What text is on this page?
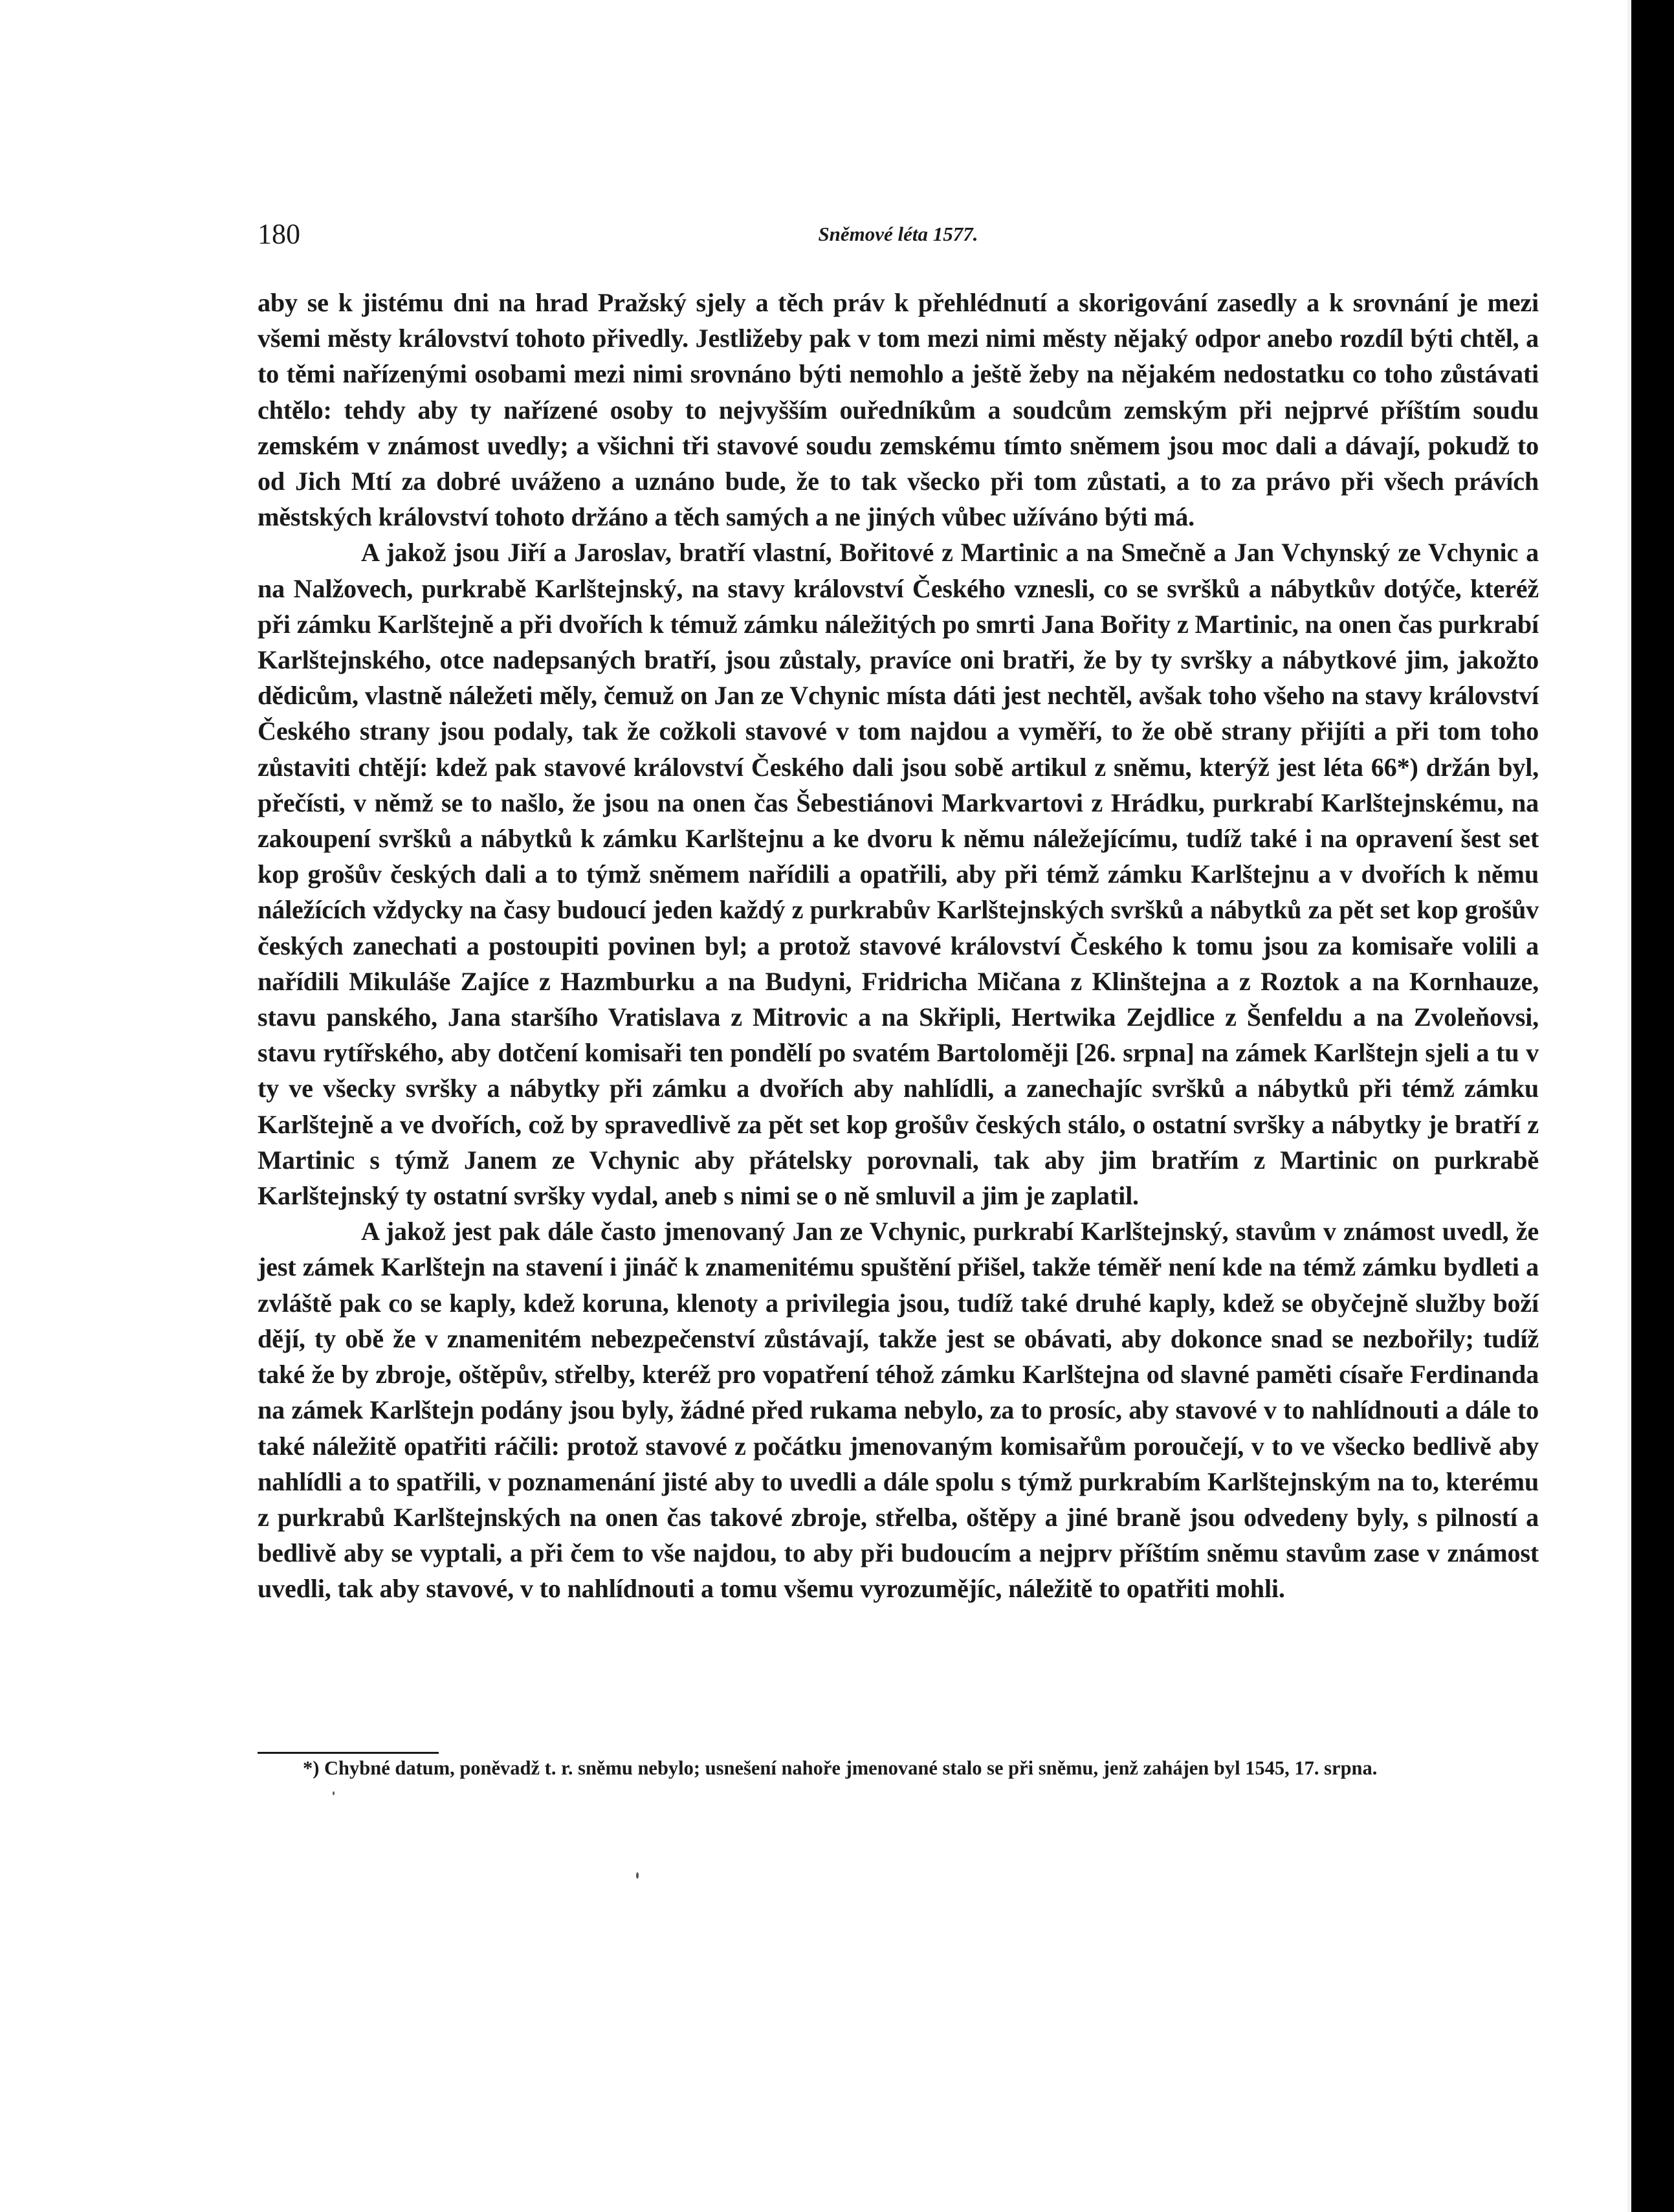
180	Sněmové léta 1577.

aby se k jistému dni na hrad Pražský sjely a těch práv k přehlédnutí a skorigování zasedly a k srovnání je mezi všemi městy království tohoto přivedly. Jestližeby pak v tom mezi nimi městy nějaký odpor anebo rozdíl býti chtěl, a to těmi nařízenými osobami mezi nimi srovnáno býti nemohlo a ještě žeby na nějakém nedostatku co toho zůstávati chtělo: tehdy aby ty nařízené osoby to nejvyšším ouředníkům a soudcům zemským při nejprvé příštím soudu zemském v známost uvedly; a všichni tři stavové soudu zemskému tímto sněmem jsou moc dali a dávají, pokudž to od Jich Mtí za dobré uváženo a uznáno bude, že to tak všecko při tom zůstati, a to za právo při všech právích městských království tohoto držáno a těch samých a ne jiných vůbec užíváno býti má.

A jakož jsou Jiří a Jaroslav, bratří vlastní, Bořitové z Martinic a na Smečně a Jan Vchynský ze Vchynic a na Nalžovech, purkrabě Karlštejnský, na stavy království Českého vznesli, co se svršků a nábytkův dotýče, kteréž při zámku Karlštejně a při dvořích k témuž zámku náležitých po smrti Jana Bořity z Martinic, na onen čas purkrabí Karlštejnského, otce nadepsaných bratří, jsou zůstaly, pravíce oni bratři, že by ty svršky a nábytkové jim, jakožto dědicům, vlastně náležeti měly, čemuž on Jan ze Vchynic místa dáti jest nechtěl, avšak toho všeho na stavy království Českého strany jsou podaly, tak že cožkoli stavové v tom najdou a vyměří, to že obě strany přijíti a při tom toho zůstaviti chtějí: kdež pak stavové království Českého dali jsou sobě artikul z sněmu, kterýž jest léta 66*) držán byl, přečísti, v němž se to našlo, že jsou na onen čas Šebestiánovi Markvartovi z Hrádku, purkrabí Karlštejnskému, na zakoupení svršků a nábytků k zámku Karlštejnu a ke dvoru k němu náležejícímu, tudíž také i na opravení šest set kop grošův českých dali a to týmž sněmem nařídili a opatřili, aby při témž zámku Karlštejnu a v dvořích k němu náležících vždycky na časy budoucí jeden každý z purkrabův Karlštejnských svršků a nábytků za pět set kop grošův českých zanechati a postoupiti povinen byl; a protož stavové království Českého k tomu jsou za komisaře volili a nařídili Mikuláše Zajíce z Hazmburku a na Budyni, Fridricha Mičana z Klinštejna a z Roztok a na Kornhauze, stavu panského, Jana staršího Vratislava z Mitrovic a na Skřipli, Hertwika Zejdlice z Šenfeldu a na Zvoleňovsi, stavu rytířského, aby dotčení komisaři ten pondělí po svatém Bartoloměji [26. srpna] na zámek Karlštejn sjeli a tu v ty ve všecky svršky a nábytky při zámku a dvořích aby nahlídli, a zanechajíc svršků a nábytků při témž zámku Karlštejně a ve dvořích, což by spravedlivě za pět set kop grošův českých stálo, o ostatní svršky a nábytky je bratří z Martinic s týmž Janem ze Vchynic aby přátelsky porovnali, tak aby jim bratřím z Martinic on purkrabě Karlštejnský ty ostatní svršky vydal, aneb s nimi se o ně smluvil a jim je zaplatil.

A jakož jest pak dále často jmenovaný Jan ze Vchynic, purkrabí Karlštejnský, stavům v známost uvedl, že jest zámek Karlštejn na stavení i jináč k znamenitému spuštění přišel, takže téměř není kde na témž zámku bydleti a zvláště pak co se kaply, kdež koruna, klenoty a privilegia jsou, tudíž také druhé kaply, kdež se obyčejně služby boží dějí, ty obě že v znamenitém nebezpečenství zůstávají, takže jest se obávati, aby dokonce snad se nezbořily; tudíž také že by zbroje, oštěpův, střelby, kteréž pro vopatření téhož zámku Karlštejna od slavné paměti císaře Ferdinanda na zámek Karlštejn podány jsou byly, žádné před rukama nebylo, za to prosíc, aby stavové v to nahlídnouti a dále to také náležitě opatřiti ráčili: protož stavové z počátku jmenovaným komisařům poroučejí, v to ve všecko bedlivě aby nahlídli a to spatřili, v poznamenání jisté aby to uvedli a dále spolu s týmž purkrabím Karlštejnským na to, kterému z purkrabů Karlštejnských na onen čas takové zbroje, střelba, oštěpy a jiné braně jsou odvedeny byly, s pilností a bedlivě aby se vyptali, a při čem to vše najdou, to aby při budoucím a nejprv příštím sněmu stavům zase v známost uvedli, tak aby stavové, v to nahlídnouti a tomu všemu vyrozumějíc, náležitě to opatřiti mohli.

*) Chybné datum, poněvadž t. r. sněmu nebylo; usnešení nahoře jmenované stalo se při sněmu, jenž zahájen byl 1545, 17. srpna.
